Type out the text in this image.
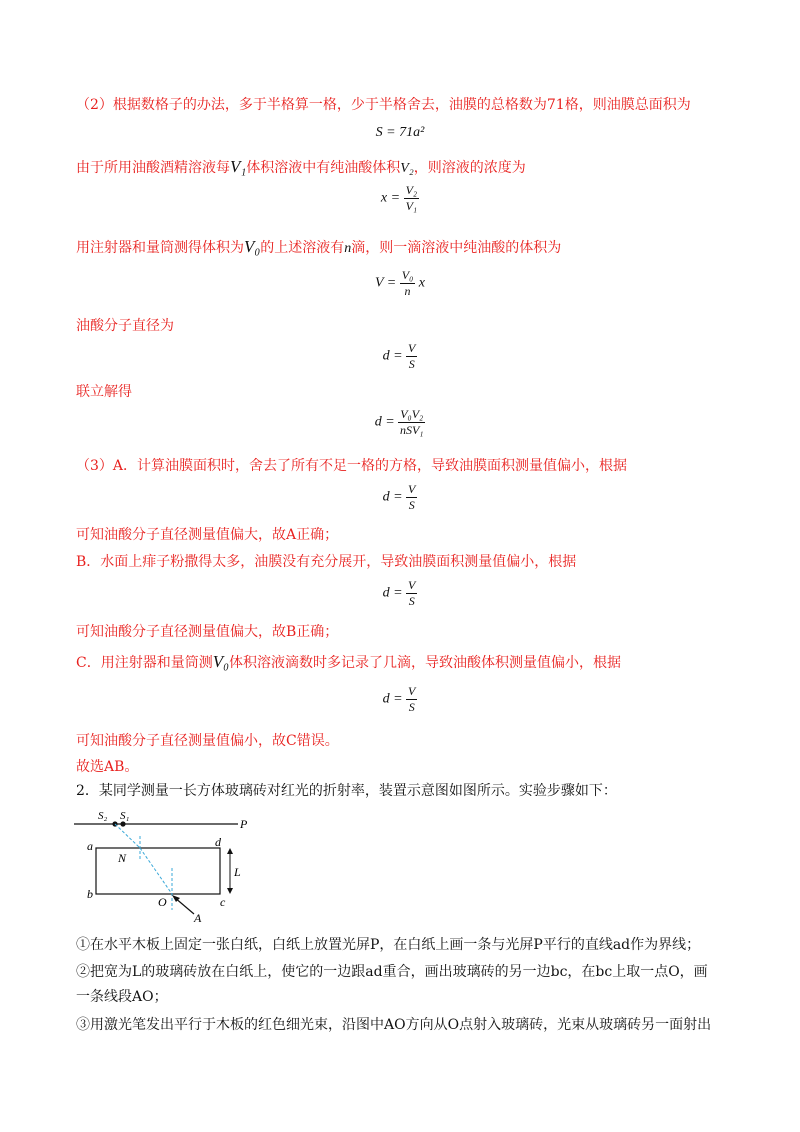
（2）根据数格子的办法，多于半格算一格，少于半格舍去，油膜的总格数为71格，则油膜总面积为
S = 71a²
由于所用油酸酒精溶液每V₁体积溶液中有纯油酸体积V₂，则溶液的浓度为
$x = \frac{\text{V₂}}{\text{V₁}}$
用注射器和量筒测得体积为V₀的上述溶液有n滴，则一滴溶液中纯油酸的体积为
$V = \frac{\text{V₀}}{n}$ x
油酸分子直径为
$d = \frac{V}{S}$
联立解得
$d = \frac{\text{V₀V₂}}{\text{nSV₁}}$
（3）A．计算油膜面积时，舍去了所有不足一格的方格，导致油膜面积测量值偏小，根据
$d = \frac{V}{S}$
可知油酸分子直径测量值偏大，故A正确；
B．水面上痱子粉撒得太多，油膜没有充分展开，导致油膜面积测量值偏小，根据
$d = \frac{V}{S}$
可知油酸分子直径测量值偏大，故B正确；
C．用注射器和量筒测V₀体积溶液滴数时多记录了几滴，导致油酸体积测量值偏小，根据
$d = \frac{V}{S}$
可知油酸分子直径测量值偏小，故C错误。
故选AB。
2．某同学测量一长方体玻璃砖对红光的折射率，装置示意图如图所示。实验步骤如下：
S₂ S₁
P
a	d
N
L
b
O	c
A
①在水平木板上固定一张白纸，白纸上放置光屏P，在白纸上画一条与光屏P平行的直线ad作为界线；
②把宽为L的玻璃砖放在白纸上，使它的一边跟ad重合，画出玻璃砖的另一边bc，在bc上取一点O，画
一条线段AO；
③用激光笔发出平行于木板的红色细光束，沿图中AO方向从O点射入玻璃砖，光束从玻璃砖另一面射出
